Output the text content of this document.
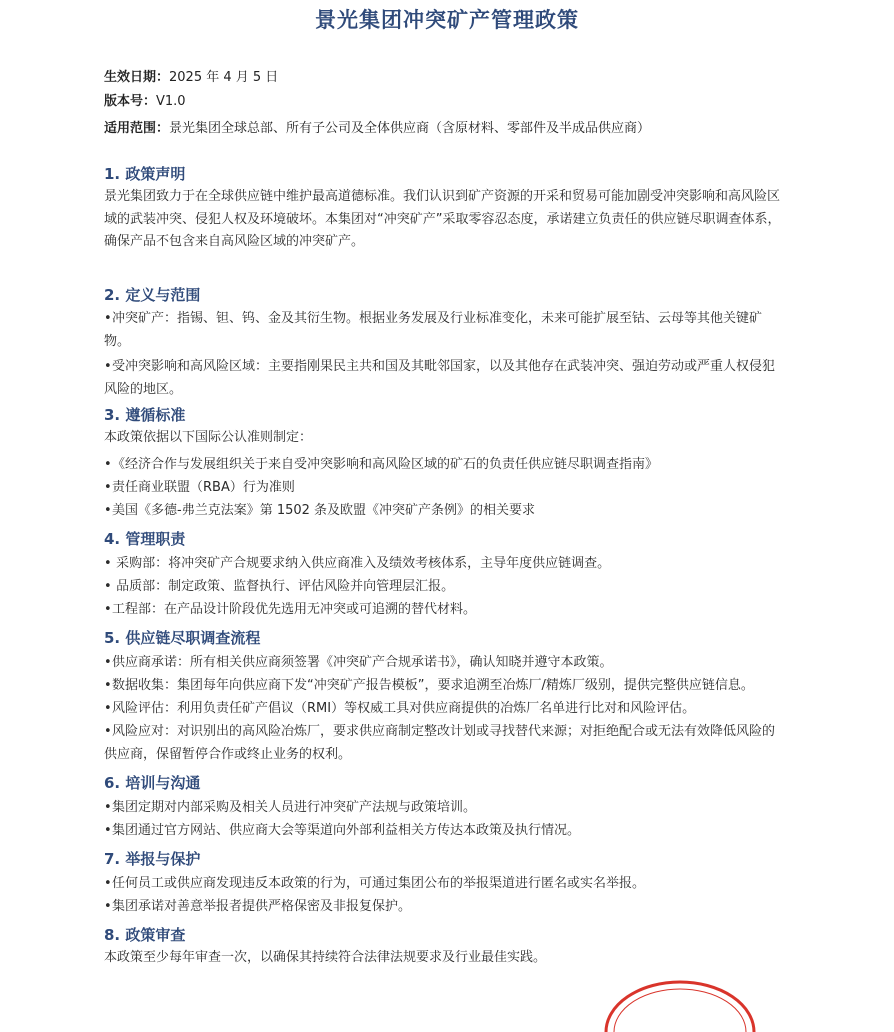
景光集团冲突矿产管理政策
生效日期：2025 年 4 月 5 日
版本号：V1.0
适用范围：景光集团全球总部、所有子公司及全体供应商（含原材料、零部件及半成品供应商）
1. 政策声明
景光集团致力于在全球供应链中维护最高道德标准。我们认识到矿产资源的开采和贸易可能加剧受冲突影响和高风险区域的武装冲突、侵犯人权及环境破坏。本集团对“冲突矿产”采取零容忍态度，承诺建立负责任的供应链尽职调查体系，确保产品不包含来自高风险区域的冲突矿产。
2. 定义与范围
•冲突矿产：指锡、钽、钨、金及其衍生物。根据业务发展及行业标准变化，未来可能扩展至钴、云母等其他关键矿物。
•受冲突影响和高风险区域：主要指刚果民主共和国及其毗邻国家，以及其他存在武装冲突、强迫劳动或严重人权侵犯风险的地区。
3. 遵循标准
本政策依据以下国际公认准则制定：
•《经济合作与发展组织关于来自受冲突影响和高风险区域的矿石的负责任供应链尽职调查指南》
•责任商业联盟（RBA）行为准则
•美国《多德-弗兰克法案》第 1502 条及欧盟《冲突矿产条例》的相关要求
4. 管理职责
• 采购部：将冲突矿产合规要求纳入供应商准入及绩效考核体系，主导年度供应链调查。
• 品质部：制定政策、监督执行、评估风险并向管理层汇报。
•工程部：在产品设计阶段优先选用无冲突或可追溯的替代材料。
5. 供应链尽职调查流程
•供应商承诺：所有相关供应商须签署《冲突矿产合规承诺书》，确认知晓并遵守本政策。
•数据收集：集团每年向供应商下发“冲突矿产报告模板”，要求追溯至冶炼厂/精炼厂级别，提供完整供应链信息。
•风险评估：利用负责任矿产倡议（RMI）等权威工具对供应商提供的冶炼厂名单进行比对和风险评估。
•风险应对：对识别出的高风险冶炼厂，要求供应商制定整改计划或寻找替代来源；对拒绝配合或无法有效降低风险的供应商，保留暂停合作或终止业务的权利。
6. 培训与沟通
•集团定期对内部采购及相关人员进行冲突矿产法规与政策培训。
•集团通过官方网站、供应商大会等渠道向外部利益相关方传达本政策及执行情况。
7. 举报与保护
•任何员工或供应商发现违反本政策的行为，可通过集团公布的举报渠道进行匿名或实名举报。
•集团承诺对善意举报者提供严格保密及非报复保护。
8. 政策审查
本政策至少每年审查一次，以确保其持续符合法律法规要求及行业最佳实践。
